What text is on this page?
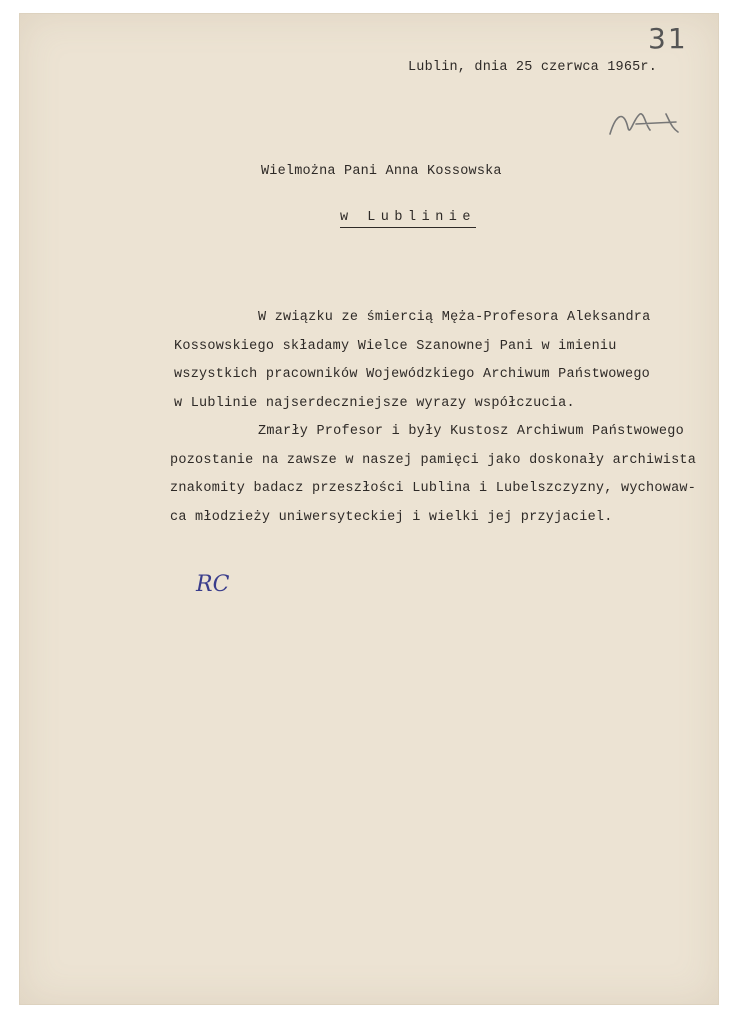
31
Lublin, dnia 25 czerwca 1965r.
Wielmożna Pani Anna Kossowska
w Lublinie
W związku ze śmiercią Męża-Profesora Aleksandra
Kossowskiego składamy Wielce Szanownej Pani w imieniu
wszystkich pracowników Wojewódzkiego Archiwum Państwowego
w Lublinie najserdeczniejsze wyrazy współczucia.
Zmarły Profesor i były Kustosz Archiwum Państwowego
pozostanie na zawsze w naszej pamięci jako doskonały archiwista
znakomity badacz przeszłości Lublina i Lubelszczyzny, wychowaw-
ca młodzieży uniwersyteckiej i wielki jej przyjaciel.
RC
